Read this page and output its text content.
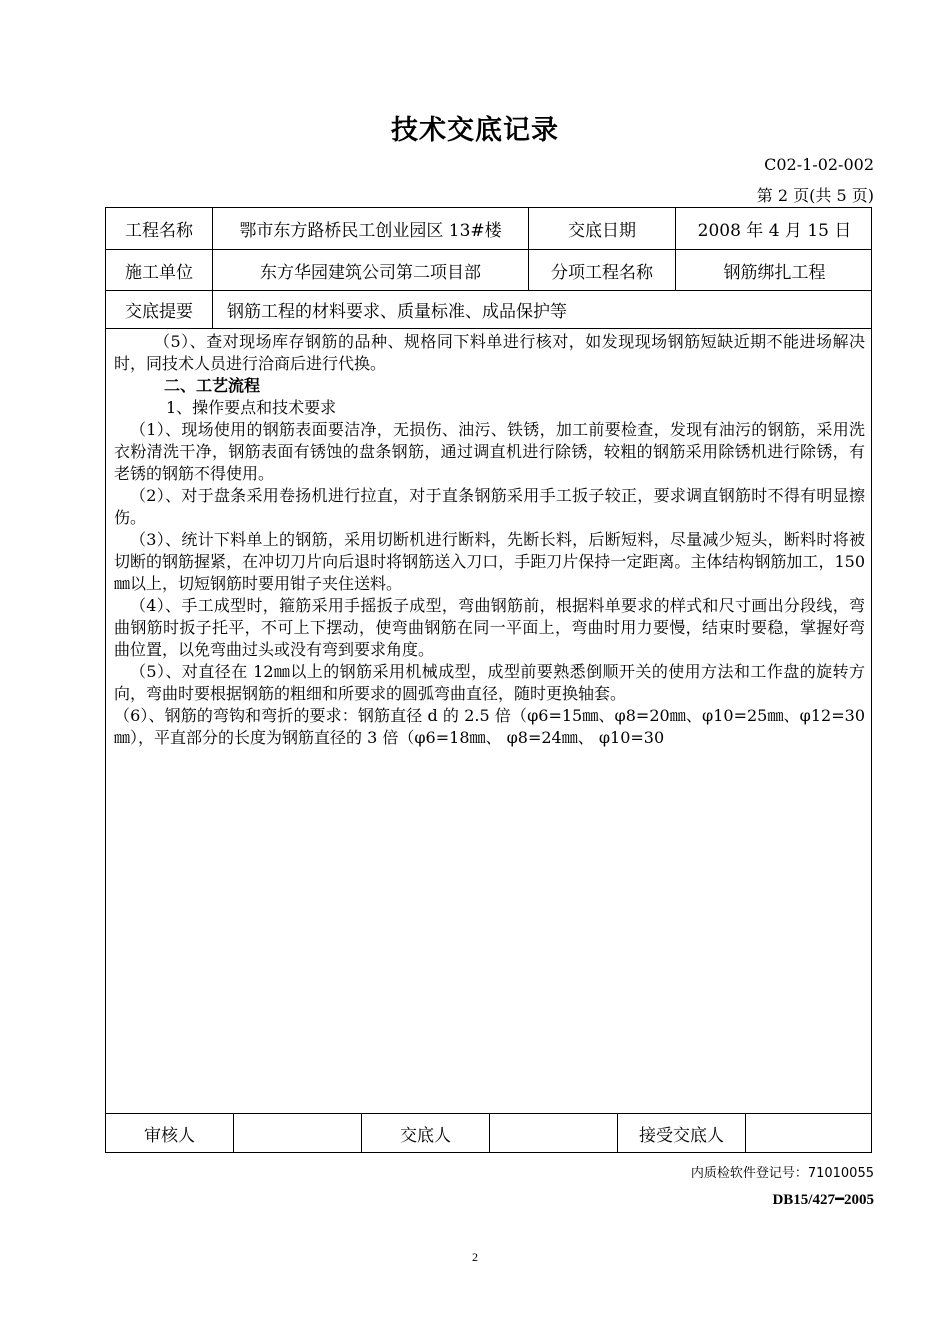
技术交底记录
C02-1-02-002
第 2 页(共 5 页)
工程名称	鄂市东方路桥民工创业园区 13#楼	交底日期	2008 年 4 月 15 日
施工单位	东方华园建筑公司第二项目部	分项工程名称	钢筋绑扎工程
交底提要	钢筋工程的材料要求、质量标准、成品保护等

（5）、查对现场库存钢筋的品种、规格同下料单进行核对，如发现现场钢筋短缺近期不能进场解决时，同技术人员进行洽商后进行代换。

二、工艺流程

1、操作要点和技术要求

（1）、现场使用的钢筋表面要洁净，无损伤、油污、铁锈，加工前要检查，发现有油污的钢筋，采用洗衣粉清洗干净，钢筋表面有锈蚀的盘条钢筋，通过调直机进行除锈，较粗的钢筋采用除锈机进行除锈，有老锈的钢筋不得使用。

（2）、对于盘条采用卷扬机进行拉直，对于直条钢筋采用手工扳子较正，要求调直钢筋时不得有明显擦伤。

（3）、统计下料单上的钢筋，采用切断机进行断料，先断长料，后断短料，尽量减少短头，断料时将被切断的钢筋握紧，在冲切刀片向后退时将钢筋送入刀口，手距刀片保持一定距离。主体结构钢筋加工，150㎜以上，切短钢筋时要用钳子夹住送料。

（4）、手工成型时，箍筋采用手摇扳子成型，弯曲钢筋前，根据料单要求的样式和尺寸画出分段线，弯曲钢筋时扳子托平，不可上下摆动，使弯曲钢筋在同一平面上，弯曲时用力要慢，结束时要稳，掌握好弯曲位置，以免弯曲过头或没有弯到要求角度。

（5）、对直径在 12㎜以上的钢筋采用机械成型，成型前要熟悉倒顺开关的使用方法和工作盘的旋转方向，弯曲时要根据钢筋的粗细和所要求的圆弧弯曲直径，随时更换轴套。

（6）、钢筋的弯钩和弯折的要求：钢筋直径 d 的 2.5 倍（φ6=15㎜、φ8=20㎜、φ10=25㎜、φ12=30㎜），平直部分的长度为钢筋直径的 3 倍（φ6=18㎜、 φ8=24㎜、 φ10=30

审核人	交底人	接受交底人
内质检软件登记号：71010055
DB15/427━2005
2
